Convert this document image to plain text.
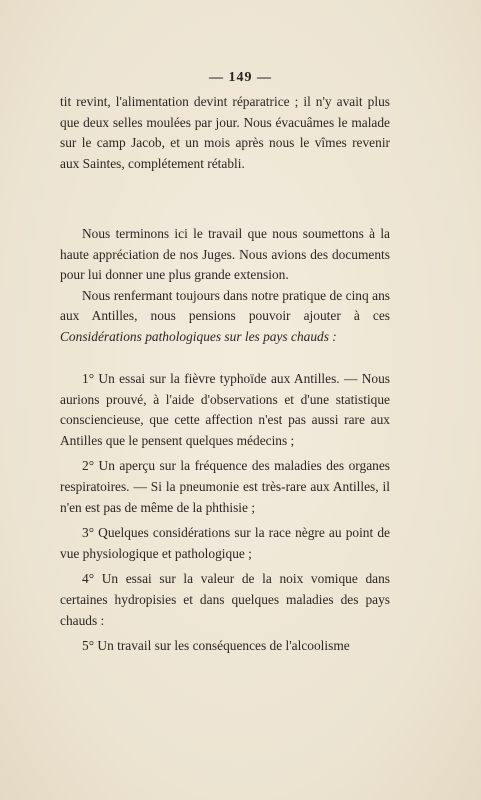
— 149 —

tit revint, l'alimentation devint réparatrice ; il n'y avait plus que deux selles moulées par jour. Nous évacuâmes le malade sur le camp Jacob, et un mois après nous le vîmes revenir aux Saintes, complétement rétabli.

Nous terminons ici le travail que nous soumettons à la haute appréciation de nos Juges. Nous avions des documents pour lui donner une plus grande extension.

Nous renfermant toujours dans notre pratique de cinq ans aux Antilles, nous pensions pouvoir ajouter à ces Considérations pathologiques sur les pays chauds :

1° Un essai sur la fièvre typhoïde aux Antilles. — Nous aurions prouvé, à l'aide d'observations et d'une statistique consciencieuse, que cette affection n'est pas aussi rare aux Antilles que le pensent quelques médecins ;

2° Un aperçu sur la fréquence des maladies des organes respiratoires. — Si la pneumonie est très-rare aux Antilles, il n'en est pas de même de la phthisie ;

3° Quelques considérations sur la race nègre au point de vue physiologique et pathologique ;

4° Un essai sur la valeur de la noix vomique dans certaines hydropisies et dans quelques maladies des pays chauds :

5° Un travail sur les conséquences de l'alcoolisme
